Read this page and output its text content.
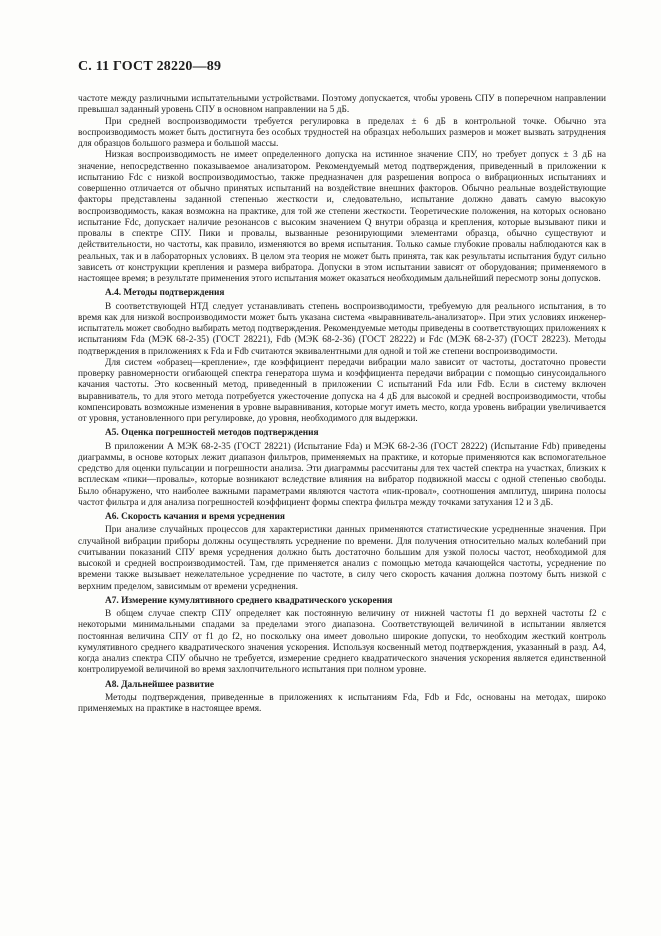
С. 11 ГОСТ 28220—89

частоте между различными испытательными устройствами. Поэтому допускается, чтобы уровень СПУ в поперечном направлении превышал заданный уровень СПУ в основном направлении на 5 дБ.

При средней воспроизводимости требуется регулировка в пределах ± 6 дБ в контрольной точке. Обычно эта воспроизводимость может быть достигнута без особых трудностей на образцах небольших размеров и может вызвать затруднения для образцов большого размера и большой массы.

Низкая воспроизводимость не имеет определенного допуска на истинное значение СПУ, но требует допуск ± 3 дБ на значение, непосредственно показываемое анализатором. Рекомендуемый метод подтверждения, приведенный в приложении к испытанию Fdc с низкой воспроизводимостью, также предназначен для разрешения вопроса о вибрационных испытаниях и совершенно отличается от обычно принятых испытаний на воздействие внешних факторов. Обычно реальные воздействующие факторы представлены заданной степенью жесткости и, следовательно, испытание должно давать самую высокую воспроизводимость, какая возможна на практике, для той же степени жесткости. Теоретические положения, на которых основано испытание Fdc, допускает наличие резонансов с высоким значением Q внутри образца и крепления, которые вызывают пики и провалы в спектре СПУ. Пики и провалы, вызванные резонирующими элементами образца, обычно существуют и действительности, но частоты, как правило, изменяются во время испытания. Только самые глубокие провалы наблюдаются как в реальных, так и в лабораторных условиях. В целом эта теория не может быть принята, так как результаты испытания будут сильно зависеть от конструкции крепления и размера вибратора. Допуски в этом испытании зависят от оборудования; применяемого в настоящее время; в результате применения этого испытания может оказаться необходимым дальнейший пересмотр зоны допусков.

А.4. Методы подтверждения

В соответствующей НТД следует устанавливать степень воспроизводимости, требуемую для реального испытания, в то время как для низкой воспроизводимости может быть указана система «выравниватель-анализатор». При этих условиях инженер-испытатель может свободно выбирать метод подтверждения. Рекомендуемые методы приведены в соответствующих приложениях к испытаниям Fda (МЭК 68-2-35) (ГОСТ 28221), Fdb (МЭК 68-2-36) (ГОСТ 28222) и Fdc (МЭК 68-2-37) (ГОСТ 28223). Методы подтверждения в приложениях к Fda и Fdb считаются эквивалентными для одной и той же степени воспроизводимости.

Для систем «образец—крепление», где коэффициент передачи вибрации мало зависит от частоты, достаточно провести проверку равномерности огибающей спектра генератора шума и коэффициента передачи вибрации с помощью синусоидального качания частоты. Это косвенный метод, приведенный в приложении С испытаний Fda или Fdb. Если в систему включен выравниватель, то для этого метода потребуется ужесточение допуска на 4 дБ для высокой и средней воспроизводимости, чтобы компенсировать возможные изменения в уровне выравнивания, которые могут иметь место, когда уровень вибрации увеличивается от уровня, установленного при регулировке, до уровня, необходимого для выдержки.

А5. Оценка погрешностей методов подтверждения

В приложении А МЭК 68-2-35 (ГОСТ 28221) (Испытание Fda) и МЭК 68-2-36 (ГОСТ 28222) (Испытание Fdb) приведены диаграммы, в основе которых лежит диапазон фильтров, применяемых на практике, и которые применяются как вспомогательное средство для оценки пульсации и погрешности анализа. Эти диаграммы рассчитаны для тех частей спектра на участках, близких к всплескам «пики—провалы», которые возникают вследствие влияния на вибратор подвижной массы с одной степенью свободы. Было обнаружено, что наиболее важными параметрами являются частота «пик-провал», соотношения амплитуд, ширина полосы частот фильтра и для анализа погрешностей коэффициент формы спектра фильтра между точками затухания 12 и 3 дБ.

А6. Скорость качания и время усреднения

При анализе случайных процессов для характеристики данных применяются статистические усредненные значения. При случайной вибрации приборы должны осуществлять усреднение по времени. Для получения относительно малых колебаний при считывании показаний СПУ время усреднения должно быть достаточно большим для узкой полосы частот, необходимой для высокой и средней воспроизводимостей. Там, где применяется анализ с помощью метода качающейся частоты, усреднение по времени также вызывает нежелательное усреднение по частоте, в силу чего скорость качания должна поэтому быть низкой с верхним пределом, зависимым от времени усреднения.

А7. Измерение кумулятивного среднего квадратического ускорения

В общем случае спектр СПУ определяет как постоянную величину от нижней частоты f1 до верхней частоты f2 с некоторыми минимальными спадами за пределами этого диапазона. Соответствующей величиной в испытании является постоянная величина СПУ от f1 до f2, но поскольку она имеет довольно широкие допуски, то необходим жесткий контроль кумулятивного среднего квадратического значения ускорения. Используя косвенный метод подтверждения, указанный в разд. А4, когда анализ спектра СПУ обычно не требуется, измерение среднего квадратического значения ускорения является единственной контролируемой величиной во время захлопчительного испытания при полном уровне.

А8. Дальнейшее развитие

Методы подтверждения, приведенные в приложениях к испытаниям Fda, Fdb и Fdc, основаны на методах, широко применяемых на практике в настоящее время.
